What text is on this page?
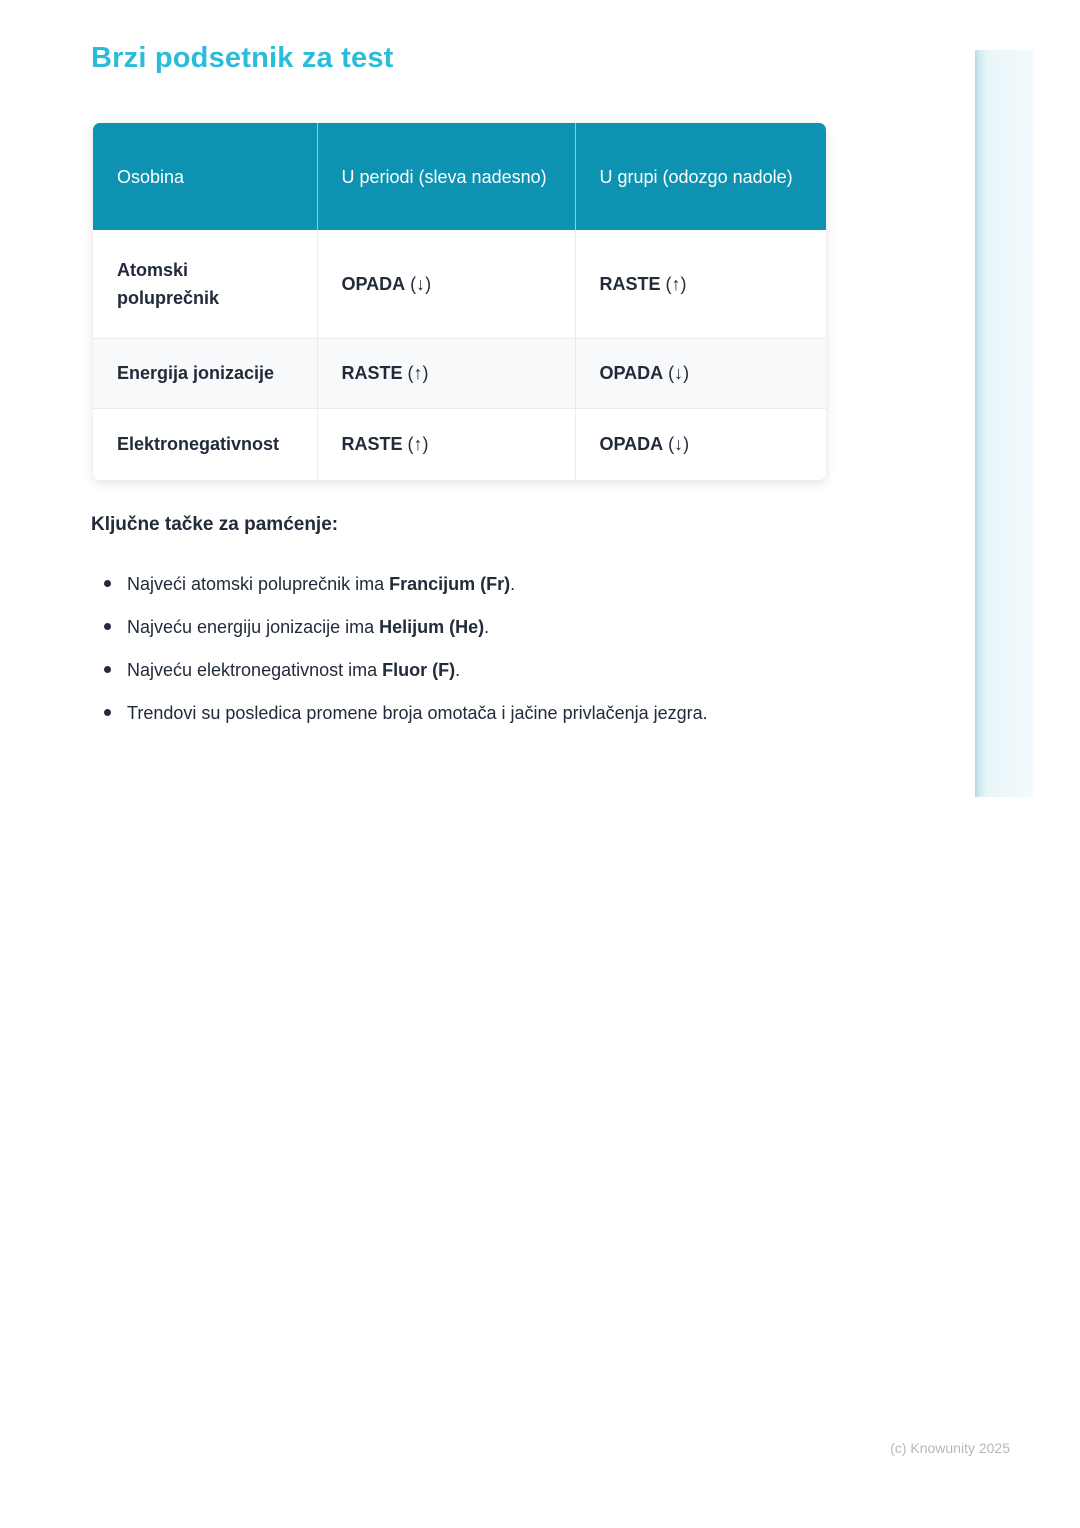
Brzi podsetnik za test
Osobina	U periodi (sleva nadesno)	U grupi (odozgo nadole)
Atomski poluprečnik	OPADA (↓)	RASTE (↑)
Energija jonizacije	RASTE (↑)	OPADA (↓)
Elektronegativnost	RASTE (↑)	OPADA (↓)
Ključne tačke za pamćenje:
Najveći atomski poluprečnik ima Francijum (Fr).
Najveću energiju jonizacije ima Helijum (He).
Najveću elektronegativnost ima Fluor (F).
Trendovi su posledica promene broja omotača i jačine privlačenja jezgra.
(c) Knowunity 2025
